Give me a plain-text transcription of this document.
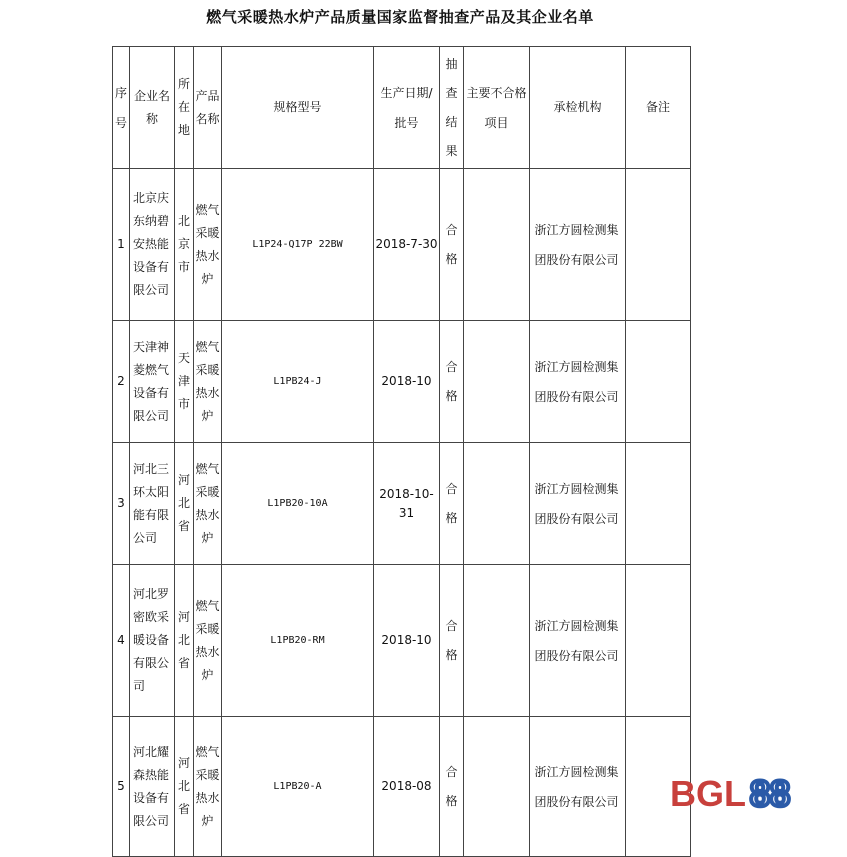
燃气采暖热水炉产品质量国家监督抽查产品及其企业名单
序号	企业名称	所在地	产品名称	规格型号	生产日期/批号	抽查结果	主要不合格项目	承检机构	备注

1	北京庆东纳碧安热能设备有限公司	北京市	燃气采暖热水炉	L1P24-Q17P 22BW	2018-7-30	合格		浙江方圆检测集团股份有限公司	

2	天津神菱燃气设备有限公司	天津市	燃气采暖热水炉	L1PB24-J	2018-10	合格		浙江方圆检测集团股份有限公司	

3	河北三环太阳能有限公司	河北省	燃气采暖热水炉	L1PB20-10A	2018-10-31	合格		浙江方圆检测集团股份有限公司	

4	河北罗密欧采暖设备有限公司	河北省	燃气采暖热水炉	L1PB20-RM	2018-10	合格		浙江方圆检测集团股份有限公司	

5	河北耀森热能设备有限公司	河北省	燃气采暖热水炉	L1PB20-A	2018-08	合格		浙江方圆检测集团股份有限公司	
	BGL 88
